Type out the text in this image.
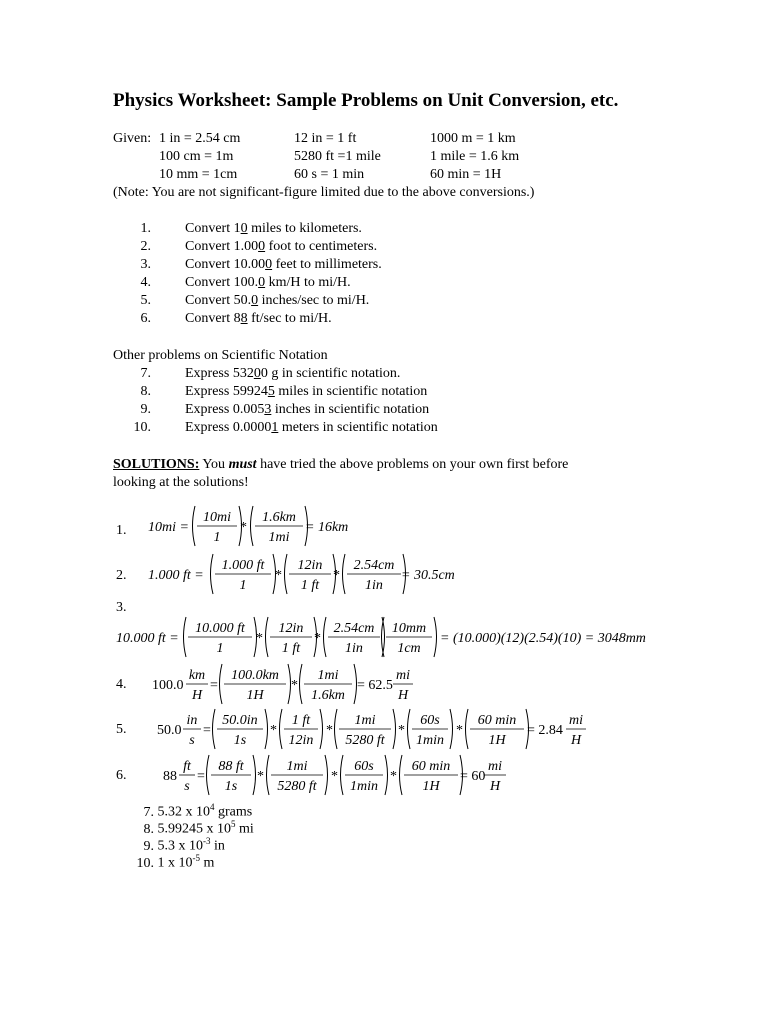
Physics Worksheet: Sample Problems on Unit Conversion, etc.
Given: 1 in = 2.54 cm	12 in = 1 ft	1000 m = 1 km
100 cm = 1m	5280 ft =1 mile	1 mile = 1.6 km
10 mm = 1cm	60 s = 1 min	60 min = 1H
(Note: You are not significant-figure limited due to the above conversions.)
1. Convert 10 miles to kilometers.
2. Convert 1.000 foot to centimeters.
3. Convert 10.000 feet to millimeters.
4. Convert 100.0 km/H to mi/H.
5. Convert 50.0 inches/sec to mi/H.
6. Convert 88 ft/sec to mi/H.
Other problems on Scientific Notation
7. Express 53200 g in scientific notation.
8. Express 599245 miles in scientific notation
9. Express 0.0053 inches in scientific notation
10. Express 0.00001 meters in scientific notation
SOLUTIONS: You must have tried the above problems on your own first before
looking at the solutions!
1.
2.
3.
4.
5.
6.
10mi =
10mi
1
*
1.6km
1mi
= 16km
1.000 ft =
1.000 ft
1
*
12in
1 ft
*
2.54cm
1in
= 30.5cm
10.000 ft =
10.000 ft
1
*
12in
1 ft
*
2.54cm
1in
10mm
1cm
= (10.000)(12)(2.54)(10) = 3048mm
100.0
km
H
=
100.0km
1H
*
1mi
1.6km
= 62.5
mi
H
50.0
in
s
=
50.0in
1s
*
1 ft
12in
*
1mi
5280 ft
*
60s
1min
*
60 min
1H
= 2.84
mi
H
88
ft
s
=
88 ft
1s
*
1mi
5280 ft
*
60s
1min
*
60 min
1H
= 60
mi
H
7. 5.32 x $10^4$ grams
8. 5.99245 x $10^5$ mi
9. 5.3 x $10^{-3}$ in
10. 1 x $10^{-5}$ m
